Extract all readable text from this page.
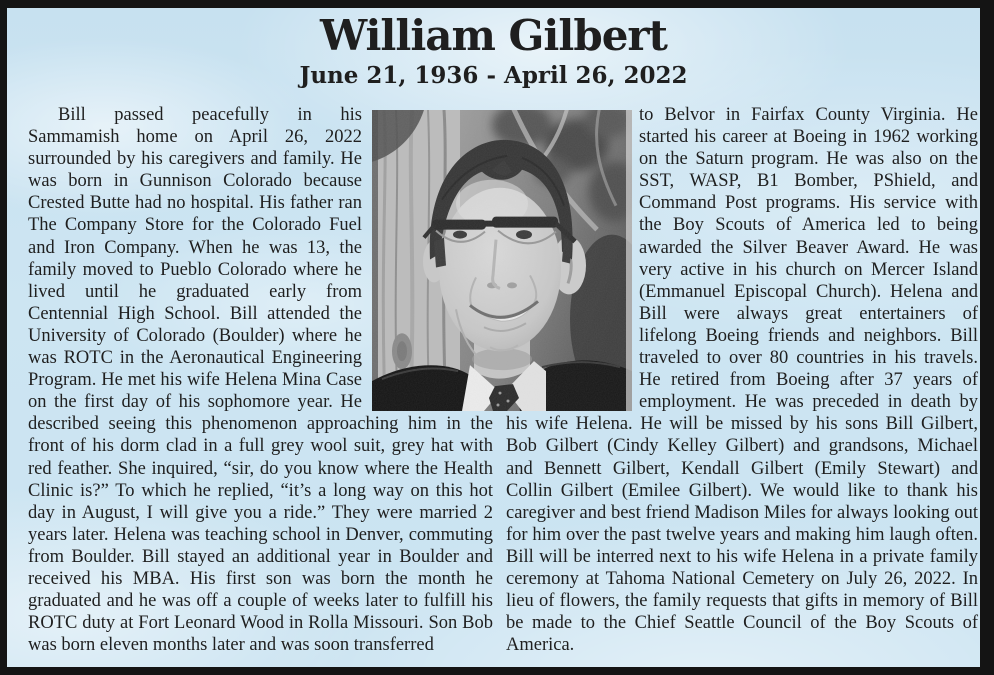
William Gilbert
June 21, 1936 - April 26, 2022

Bill passed peacefully in his Sammamish home on April 26, 2022 surrounded by his caregivers and family. He was born in Gunnison Colorado because Crested Butte had no hospital. His father ran The Company Store for the Colorado Fuel and Iron Company. When he was 13, the family moved to Pueblo Colorado where he lived until he graduated early from Centennial High School. Bill attended the University of Colorado (Boulder) where he was ROTC in the Aeronautical Engineering Program. He met his wife Helena Mina Case on the first day of his sophomore year. He described seeing this phenomenon approaching him in the front of his dorm clad in a full grey wool suit, grey hat with red feather. She inquired, “sir, do you know where the Health Clinic is?” To which he replied, “it’s a long way on this hot day in August, I will give you a ride.” They were married 2 years later. Helena was teaching school in Denver, commuting from Boulder. Bill stayed an additional year in Boulder and received his MBA. His first son was born the month he graduated and he was off a couple of weeks later to fulfill his ROTC duty at Fort Leonard Wood in Rolla Missouri. Son Bob was born eleven months later and was soon transferred

to Belvor in Fairfax County Virginia. He started his career at Boeing in 1962 working on the Saturn program. He was also on the SST, WASP, B1 Bomber, PShield, and Command Post programs. His service with the Boy Scouts of America led to being awarded the Silver Beaver Award. He was very active in his church on Mercer Island (Emmanuel Episcopal Church). Helena and Bill were always great entertainers of lifelong Boeing friends and neighbors. Bill traveled to over 80 countries in his travels. He retired from Boeing after 37 years of employment. He was preceded in death by his wife Helena. He will be missed by his sons Bill Gilbert, Bob Gilbert (Cindy Kelley Gilbert) and grandsons, Michael and Bennett Gilbert, Kendall Gilbert (Emily Stewart) and Collin Gilbert (Emilee Gilbert). We would like to thank his caregiver and best friend Madison Miles for always looking out for him over the past twelve years and making him laugh often. Bill will be interred next to his wife Helena in a private family ceremony at Tahoma National Cemetery on July 26, 2022. In lieu of flowers, the family requests that gifts in memory of Bill be made to the Chief Seattle Council of the Boy Scouts of America.
